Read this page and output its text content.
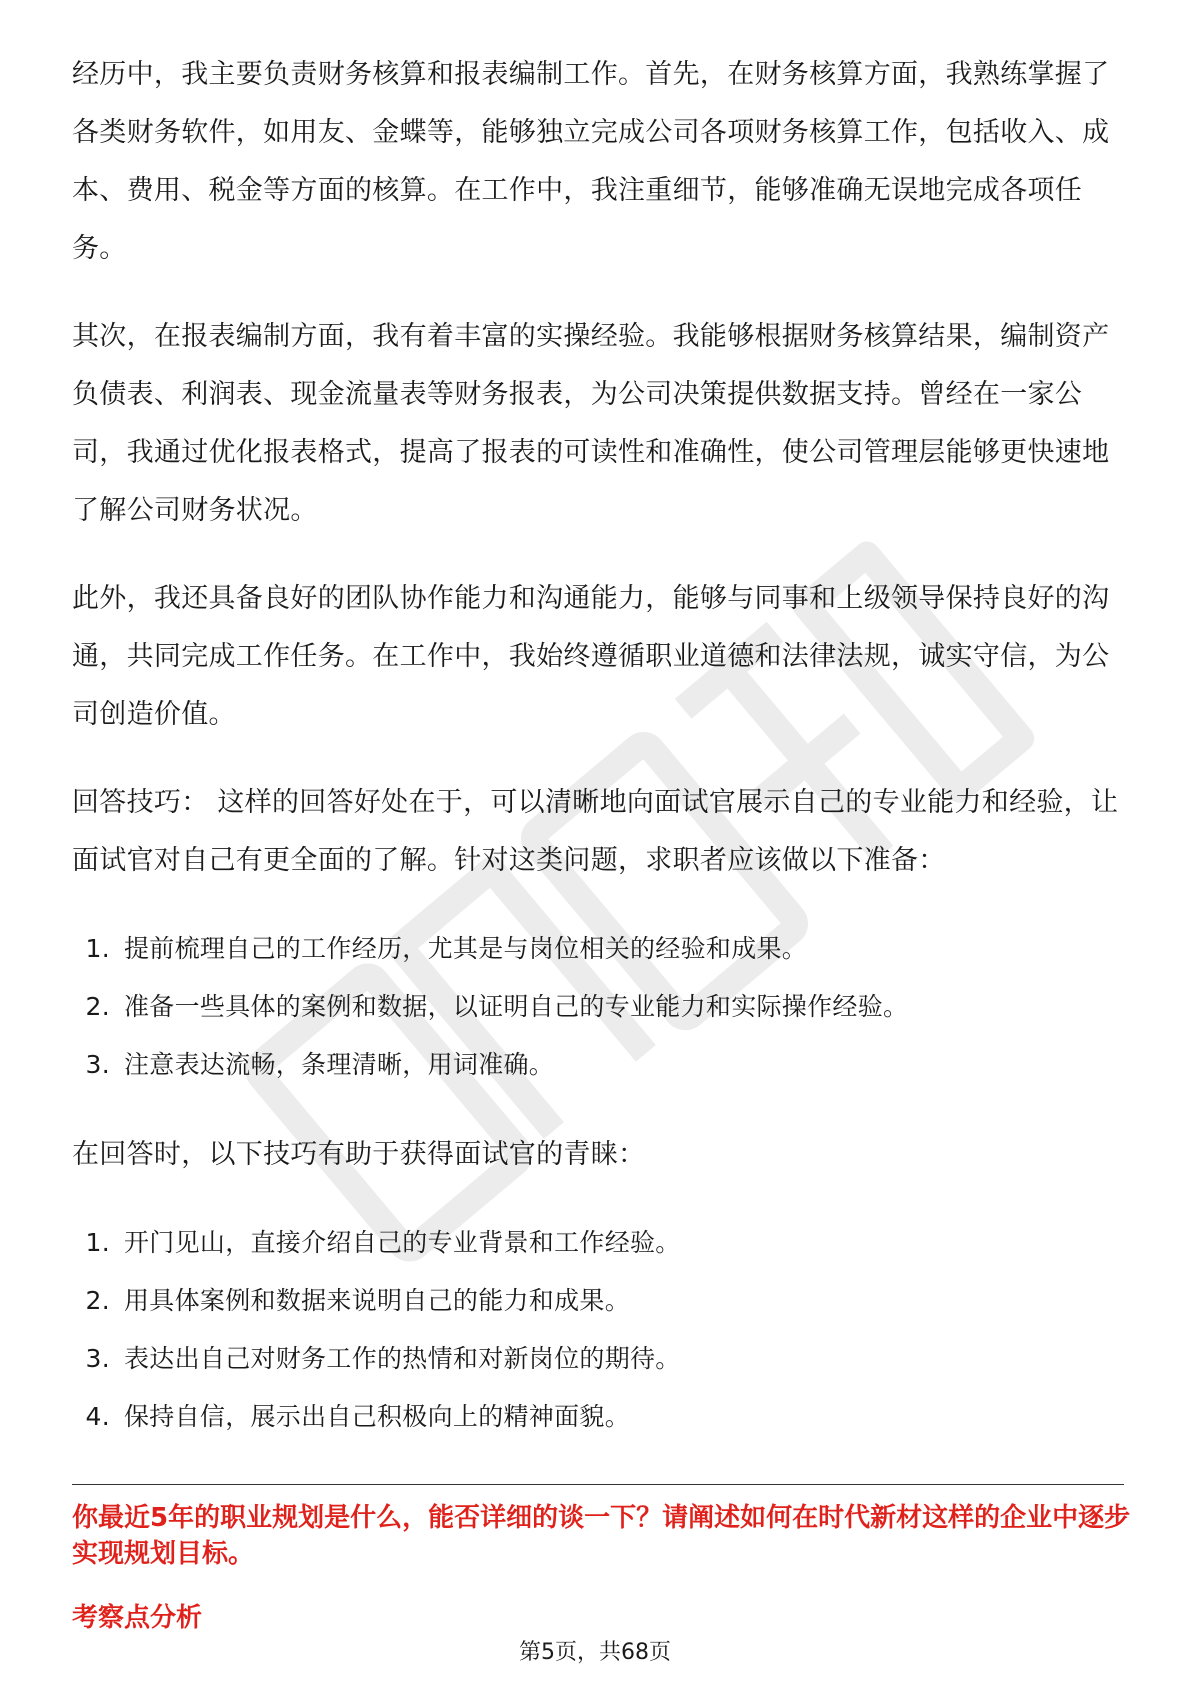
经历中，我主要负责财务核算和报表编制工作。首先，在财务核算方面，我熟练掌握了各类财务软件，如用友、金蝶等，能够独立完成公司各项财务核算工作，包括收入、成本、费用、税金等方面的核算。在工作中，我注重细节，能够准确无误地完成各项任务。

其次，在报表编制方面，我有着丰富的实操经验。我能够根据财务核算结果，编制资产负债表、利润表、现金流量表等财务报表，为公司决策提供数据支持。曾经在一家公司，我通过优化报表格式，提高了报表的可读性和准确性，使公司管理层能够更快速地了解公司财务状况。

此外，我还具备良好的团队协作能力和沟通能力，能够与同事和上级领导保持良好的沟通，共同完成工作任务。在工作中，我始终遵循职业道德和法律法规，诚实守信，为公司创造价值。

回答技巧： 这样的回答好处在于，可以清晰地向面试官展示自己的专业能力和经验，让面试官对自己有更全面的了解。针对这类问题，求职者应该做以下准备：

1. 提前梳理自己的工作经历，尤其是与岗位相关的经验和成果。
2. 准备一些具体的案例和数据，以证明自己的专业能力和实际操作经验。
3. 注意表达流畅，条理清晰，用词准确。

在回答时，以下技巧有助于获得面试官的青睐：

1. 开门见山，直接介绍自己的专业背景和工作经验。
2. 用具体案例和数据来说明自己的能力和成果。
3. 表达出自己对财务工作的热情和对新岗位的期待。
4. 保持自信，展示出自己积极向上的精神面貌。

你最近5年的职业规划是什么，能否详细的谈一下？请阐述如何在时代新材这样的企业中逐步实现规划目标。

考察点分析

第5页，共68页
